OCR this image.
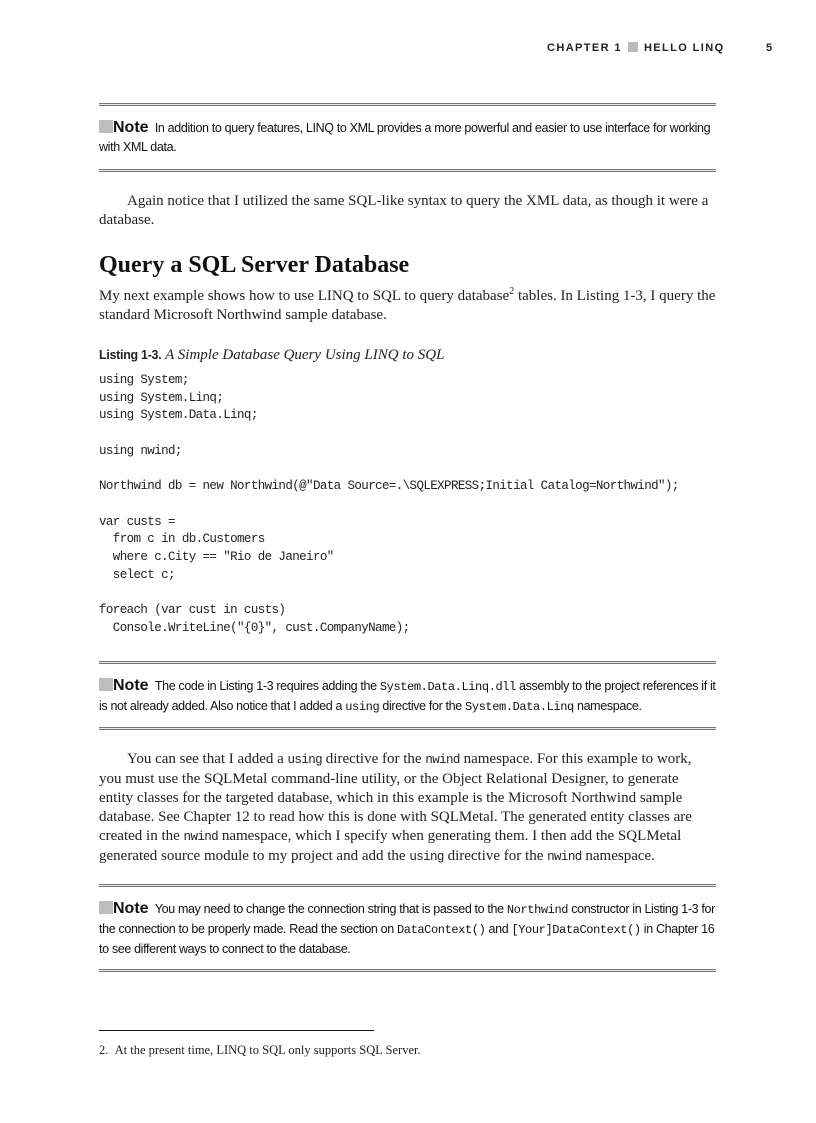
CHAPTER 1 HELLO LINQ	5
Note In addition to query features, LINQ to XML provides a more powerful and easier to use interface for working with XML data.
Again notice that I utilized the same SQL-like syntax to query the XML data, as though it were a database.
Query a SQL Server Database
My next example shows how to use LINQ to SQL to query database$^2$ tables. In Listing 1-3, I query the standard Microsoft Northwind sample database.
Listing 1-3. A Simple Database Query Using LINQ to SQL
using System;
using System.Linq;
using System.Data.Linq;

using nwind;

Northwind db = new Northwind(@"Data Source=.\SQLEXPRESS;Initial Catalog=Northwind");

var custs =
from c in db.Customers
where c.City == "Rio de Janeiro"
select c;

foreach (var cust in custs)
Console.WriteLine("{0}", cust.CompanyName);
Note The code in Listing 1-3 requires adding the System.Data.Linq.dll assembly to the project references if it is not already added. Also notice that I added a using directive for the System.Data.Linq namespace.
You can see that I added a using directive for the nwind namespace. For this example to work, you must use the SQLMetal command-line utility, or the Object Relational Designer, to generate entity classes for the targeted database, which in this example is the Microsoft Northwind sample database. See Chapter 12 to read how this is done with SQLMetal. The generated entity classes are created in the nwind namespace, which I specify when generating them. I then add the SQLMetal generated source module to my project and add the using directive for the nwind namespace.
Note You may need to change the connection string that is passed to the Northwind constructor in Listing 1-3 for the connection to be properly made. Read the section on DataContext() and [Your]DataContext() in Chapter 16 to see different ways to connect to the database.
2. At the present time, LINQ to SQL only supports SQL Server.
